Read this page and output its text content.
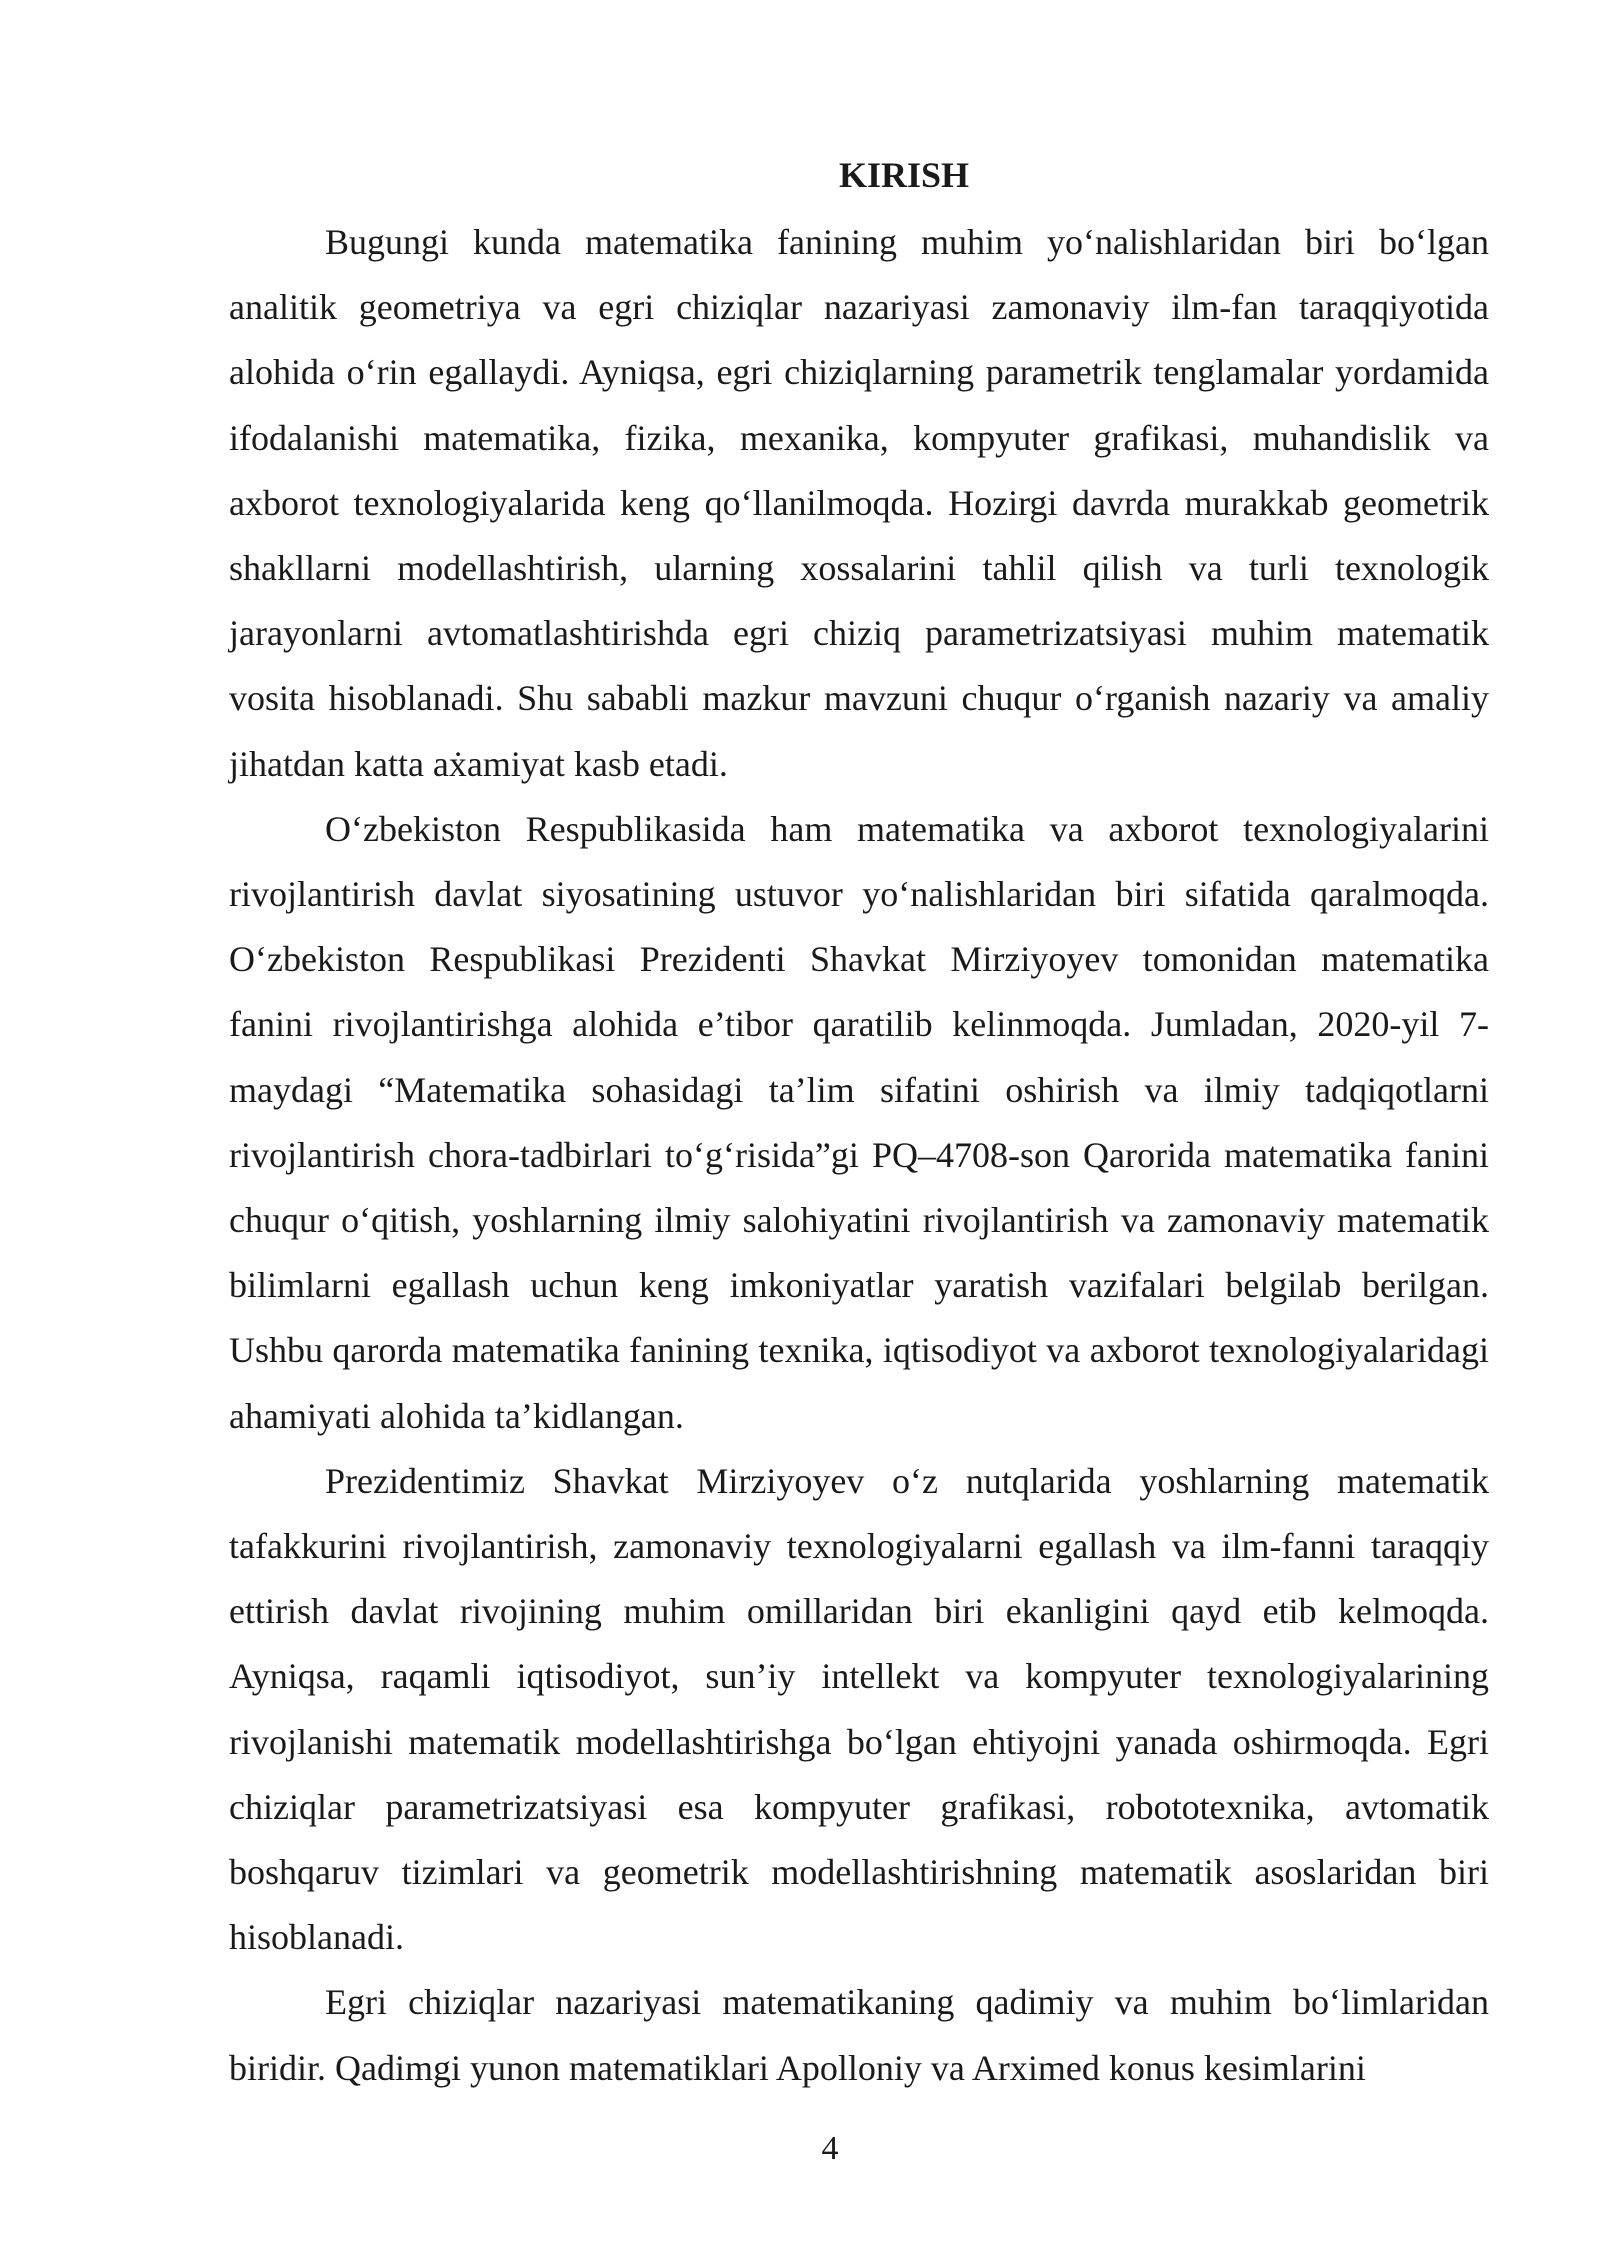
KIRISH

Bugungi kunda matematika fanining muhim yo‘nalishlaridan biri bo‘lgan analitik geometriya va egri chiziqlar nazariyasi zamonaviy ilm-fan taraqqiyotida alohida o‘rin egallaydi. Ayniqsa, egri chiziqlarning parametrik tenglamalar yordamida ifodalanishi matematika, fizika, mexanika, kompyuter grafikasi, muhandislik va axborot texnologiyalarida keng qo‘llanilmoqda. Hozirgi davrda murakkab geometrik shakllarni modellashtirish, ularning xossalarini tahlil qilish va turli texnologik jarayonlarni avtomatlashtirishda egri chiziq parametrizatsiyasi muhim matematik vosita hisoblanadi. Shu sababli mazkur mavzuni chuqur o‘rganish nazariy va amaliy jihatdan katta aẋamiyat kasb etadi.

O‘zbekiston Respublikasida ham matematika va axborot texnologiyalarini rivojlantirish davlat siyosatining ustuvor yo‘nalishlaridan biri sifatida qaralmoqda. O‘zbekiston Respublikasi Prezidenti Shavkat Mirziyoyev tomonidan matematika fanini rivojlantirishga alohida e’tibor qaratilib kelinmoqda. Jumladan, 2020-yil 7-maydagi “Matematika sohasidagi ta’lim sifatini oshirish va ilmiy tadqiqotlarni rivojlantirish chora-tadbirlari to‘g‘risida”gi PQ–4708-son Qarorida matematika fanini chuqur o‘qitish, yoshlarning ilmiy salohiyatini rivojlantirish va zamonaviy matematik bilimlarni egallash uchun keng imkoniyatlar yaratish vazifalari belgilab berilgan. Ushbu qarorda matematika fanining texnika, iqtisodiyot va axborot texnologiyalaridagi ahamiyati alohida ta’kidlangan.

Prezidentimiz Shavkat Mirziyoyev o‘z nutqlarida yoshlarning matematik tafakkurini rivojlantirish, zamonaviy texnologiyalarni egallash va ilm-fanni taraqqiy ettirish davlat rivojining muhim omillaridan biri ekanligini qayd etib kelmoqda. Ayniqsa, raqamli iqtisodiyot, sun’iy intellekt va kompyuter texnologiyalarining rivojlanishi matematik modellashtirishga bo‘lgan ehtiyojni yanada oshirmoqda. Egri chiziqlar parametrizatsiyasi esa kompyuter grafikasi, robototexnika, avtomatik boshqaruv tizimlari va geometrik modellashtirishning matematik asoslaridan biri hisoblanadi.

Egri chiziqlar nazariyasi matematikaning qadimiy va muhim bo‘limlaridan biridir. Qadimgi yunon matematiklari Apolloniy va Arximed konus kesimlarini

4
